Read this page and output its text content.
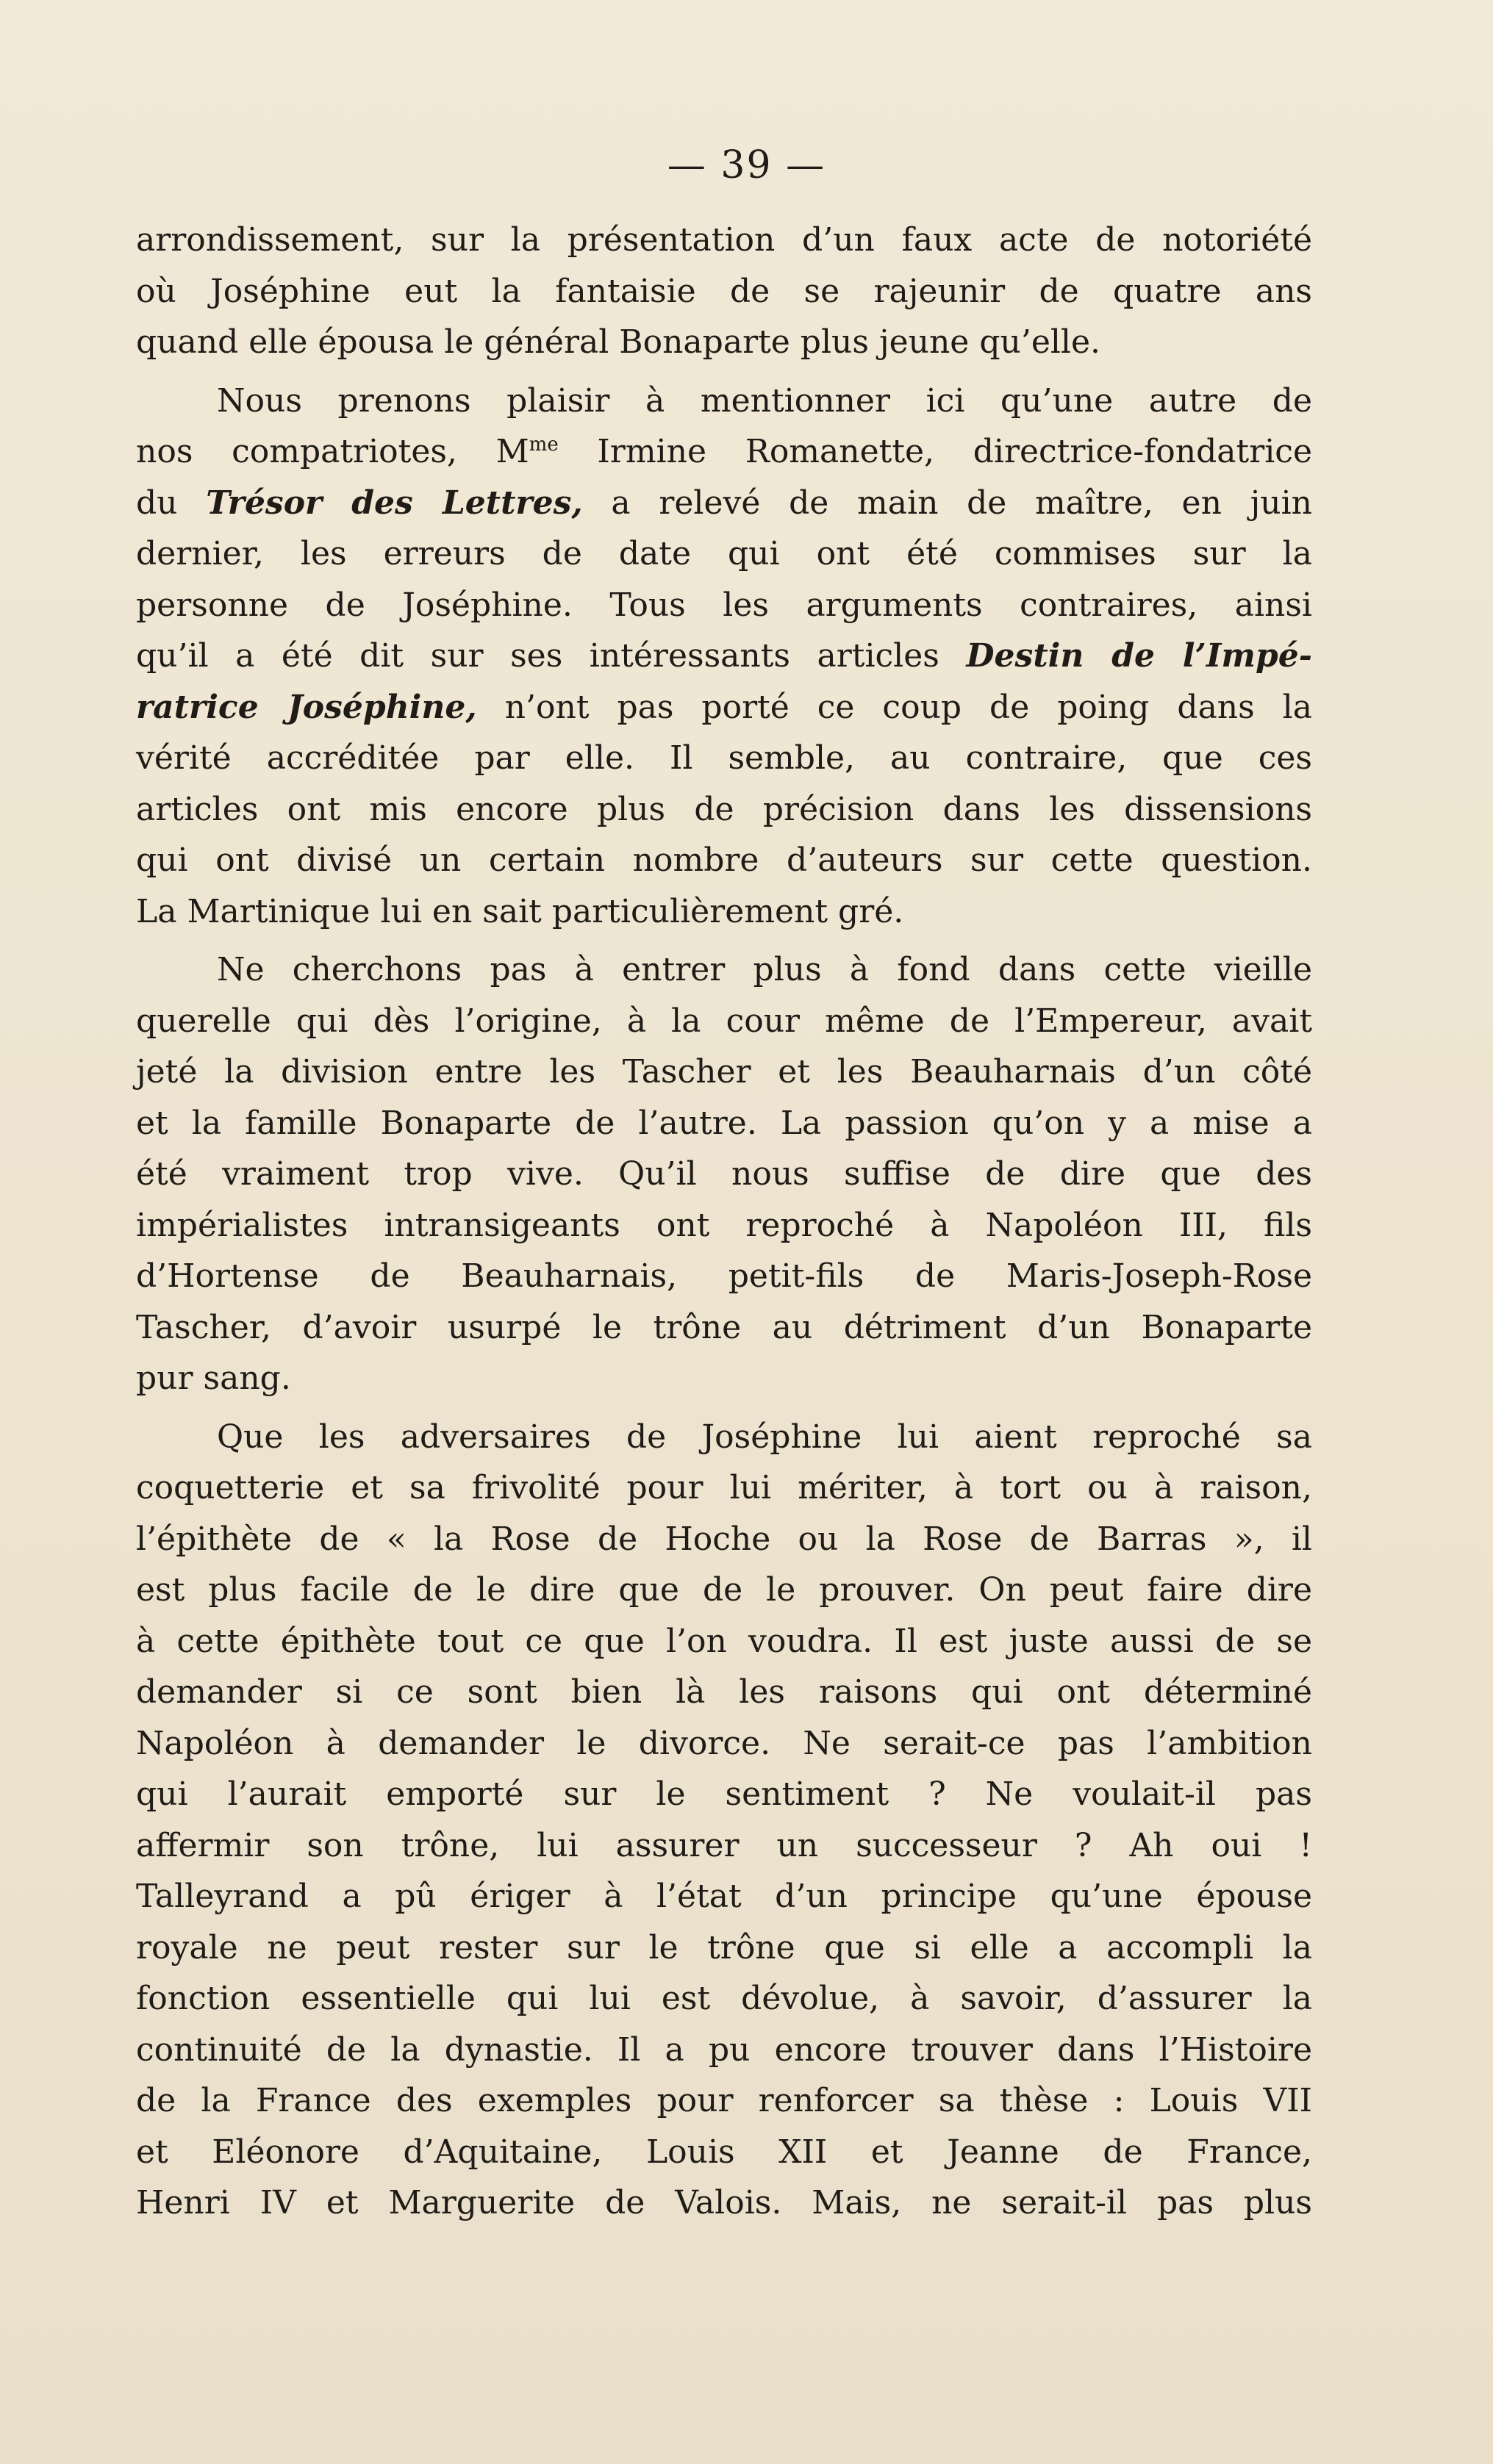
— 39 —
arrondissement, sur la présentation d’un faux acte de notoriété
où Joséphine eut la fantaisie de se rajeunir de quatre ans
quand elle épousa le général Bonaparte plus jeune qu’elle.
Nous prenons plaisir à mentionner ici qu’une autre de
nos compatriotes, $M^{me}$ Irmine Romanette, directrice-fondatrice
du Trésor des Lettres, a relevé de main de maître, en juin
dernier, les erreurs de date qui ont été commises sur la
personne de Joséphine. Tous les arguments contraires, ainsi
qu’il a été dit sur ses intéressants articles Destin de l’Impé-
ratrice Joséphine, n’ont pas porté ce coup de poing dans la
vérité accréditée par elle. Il semble, au contraire, que ces
articles ont mis encore plus de précision dans les dissensions
qui ont divisé un certain nombre d’auteurs sur cette question.
La Martinique lui en sait particulièrement gré.
Ne cherchons pas à entrer plus à fond dans cette vieille
querelle qui dès l’origine, à la cour même de l’Empereur, avait
jeté la division entre les Tascher et les Beauharnais d’un côté
et la famille Bonaparte de l’autre. La passion qu’on y a mise a
été vraiment trop vive. Qu’il nous suffise de dire que des
impérialistes intransigeants ont reproché à Napoléon III, fils
d’Hortense de Beauharnais, petit-fils de Maris-Joseph-Rose
Tascher, d’avoir usurpé le trône au détriment d’un Bonaparte
pur sang.
Que les adversaires de Joséphine lui aient reproché sa
coquetterie et sa frivolité pour lui mériter, à tort ou à raison,
l’épithète de « la Rose de Hoche ou la Rose de Barras », il
est plus facile de le dire que de le prouver. On peut faire dire
à cette épithète tout ce que l’on voudra. Il est juste aussi de se
demander si ce sont bien là les raisons qui ont déterminé
Napoléon à demander le divorce. Ne serait-ce pas l’ambition
qui l’aurait emporté sur le sentiment ? Ne voulait-il pas
affermir son trône, lui assurer un successeur ? Ah oui !
Talleyrand a pû ériger à l’état d’un principe qu’une épouse
royale ne peut rester sur le trône que si elle a accompli la
fonction essentielle qui lui est dévolue, à savoir, d’assurer la
continuité de la dynastie. Il a pu encore trouver dans l’Histoire
de la France des exemples pour renforcer sa thèse : Louis VII
et Eléonore d’Aquitaine, Louis XII et Jeanne de France,
Henri IV et Marguerite de Valois. Mais, ne serait-il pas plus
